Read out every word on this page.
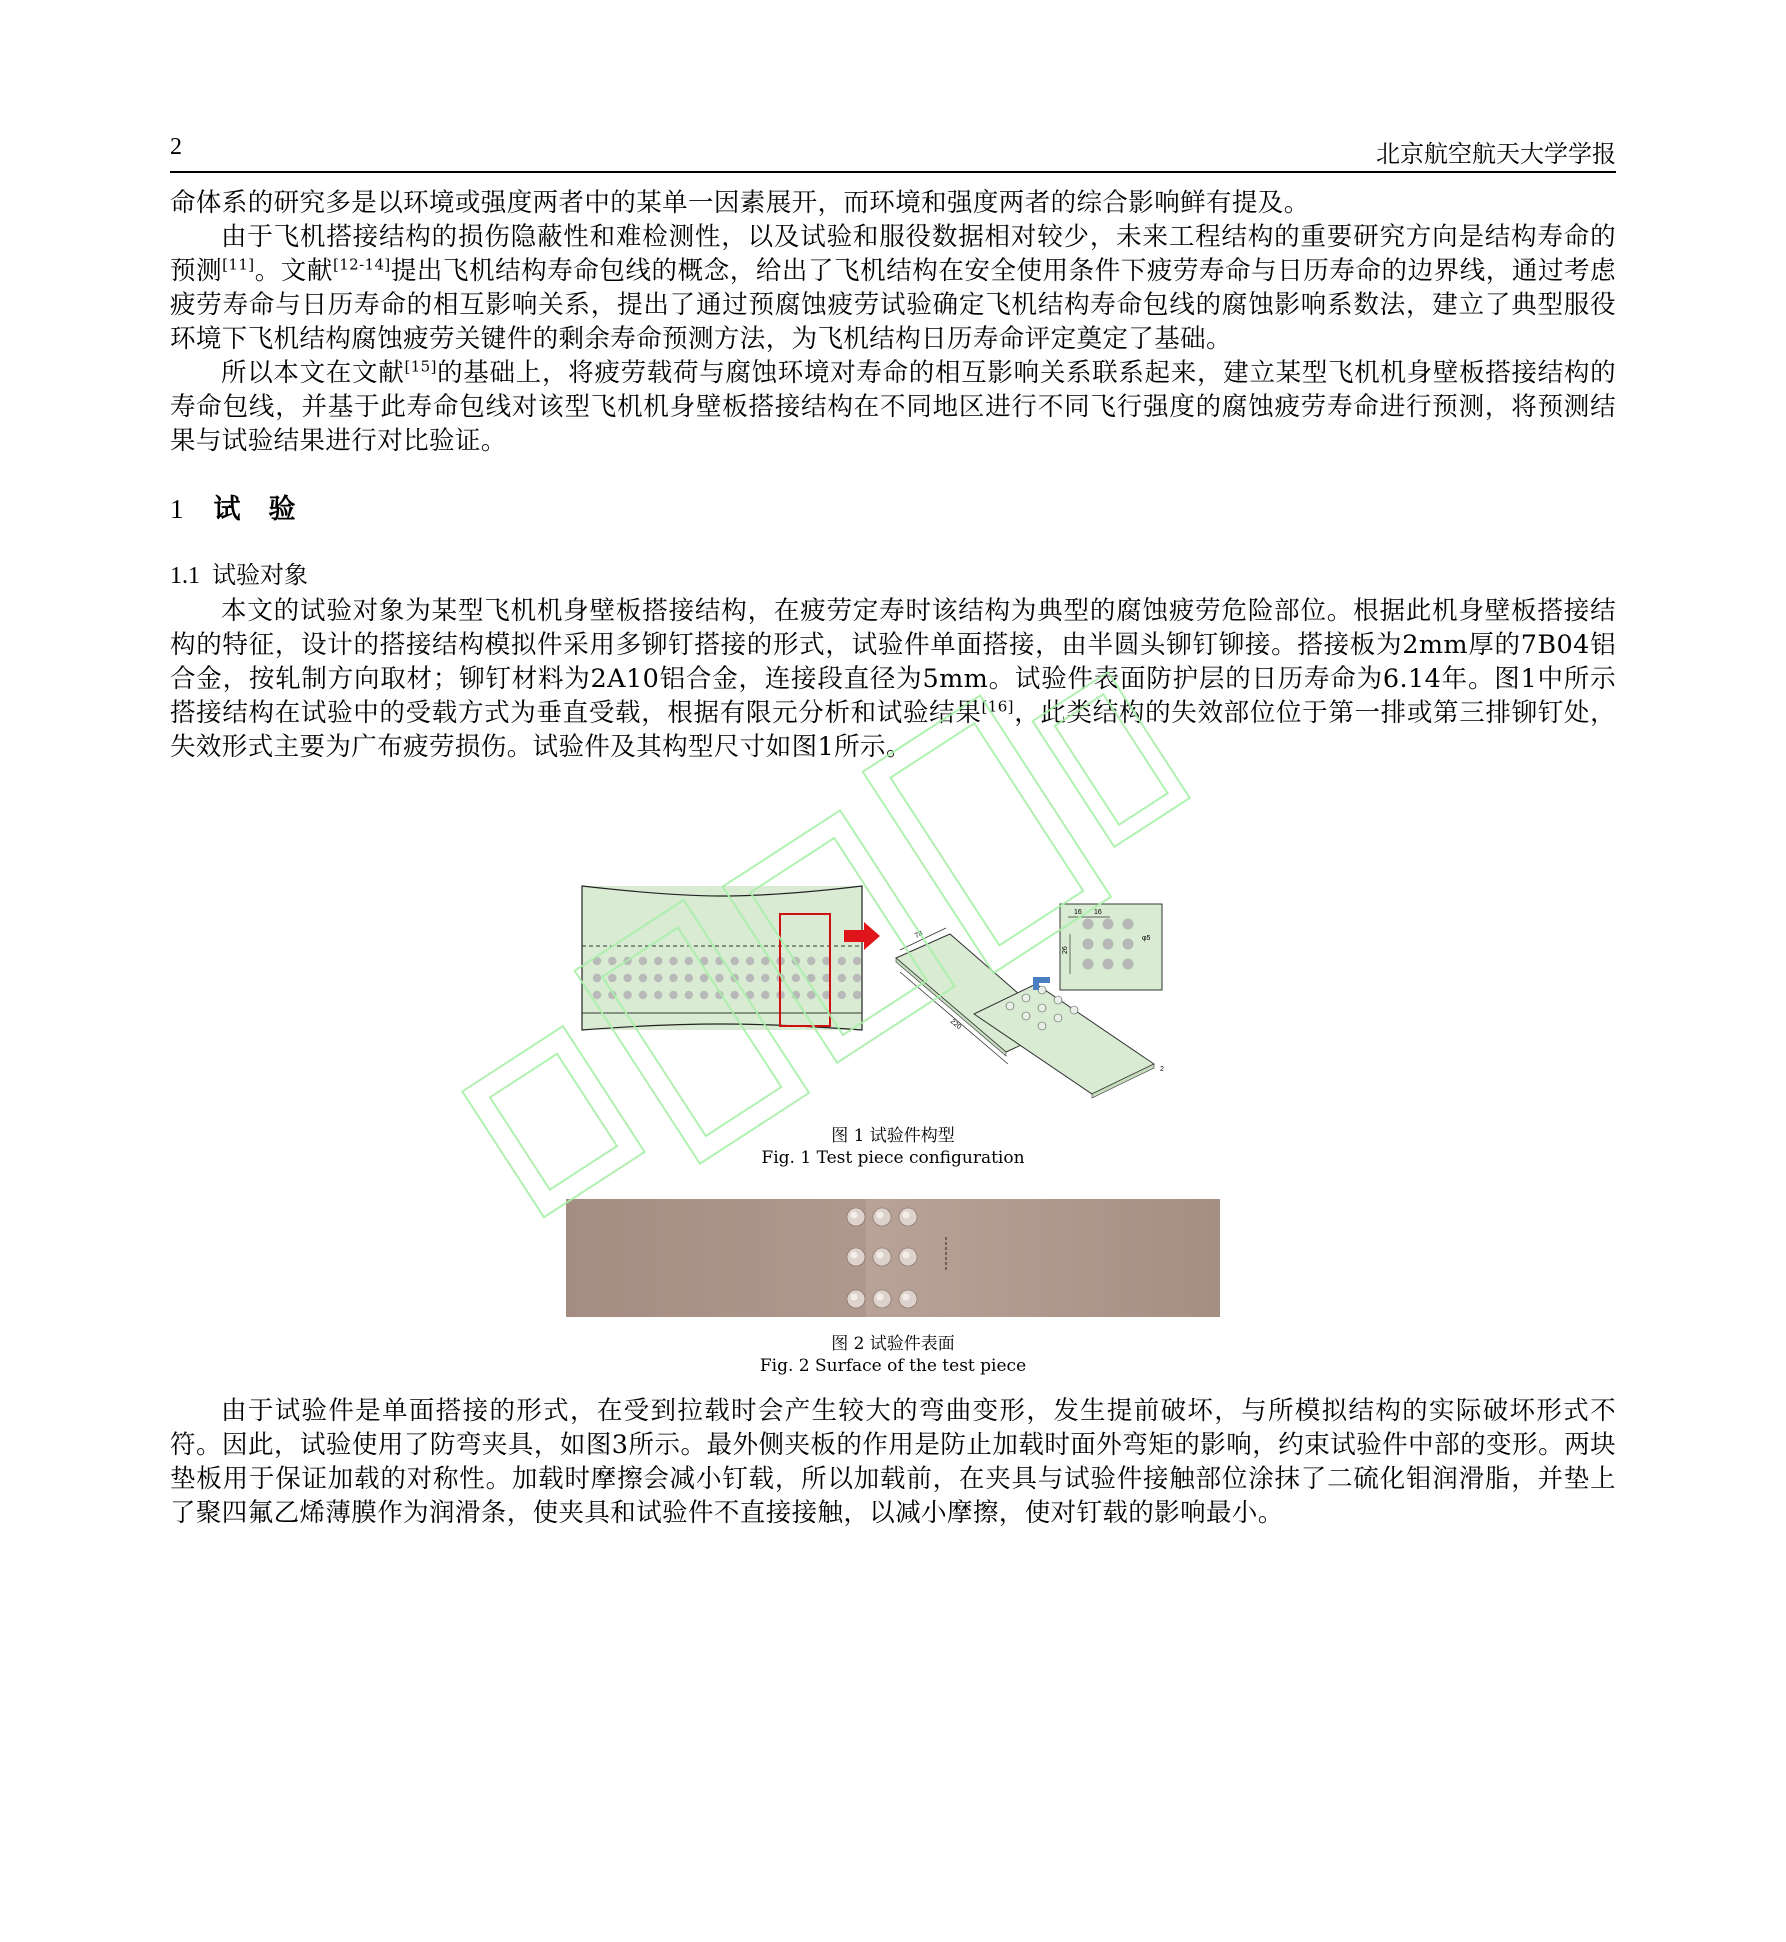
2	北京航空航天大学学报

命体系的研究多是以环境或强度两者中的某单一因素展开，而环境和强度两者的综合影响鲜有提及。

由于飞机搭接结构的损伤隐蔽性和难检测性，以及试验和服役数据相对较少，未来工程结构的重要研究方向是结构寿命的预测[11]。文献[12-14]提出飞机结构寿命包线的概念，给出了飞机结构在安全使用条件下疲劳寿命与日历寿命的边界线，通过考虑疲劳寿命与日历寿命的相互影响关系，提出了通过预腐蚀疲劳试验确定飞机结构寿命包线的腐蚀影响系数法，建立了典型服役环境下飞机结构腐蚀疲劳关键件的剩余寿命预测方法，为飞机结构日历寿命评定奠定了基础。

所以本文在文献[15]的基础上，将疲劳载荷与腐蚀环境对寿命的相互影响关系联系起来，建立某型飞机机身壁板搭接结构的寿命包线，并基于此寿命包线对该型飞机机身壁板搭接结构在不同地区进行不同飞行强度的腐蚀疲劳寿命进行预测，将预测结果与试验结果进行对比验证。

1 试验
1.1 试验对象

本文的试验对象为某型飞机机身壁板搭接结构，在疲劳定寿时该结构为典型的腐蚀疲劳危险部位。根据此机身壁板搭接结构的特征，设计的搭接结构模拟件采用多铆钉搭接的形式，试验件单面搭接，由半圆头铆钉铆接。搭接板为2mm厚的7B04铝合金，按轧制方向取材；铆钉材料为2A10铝合金，连接段直径为5mm。试验件表面防护层的日历寿命为6.14年。图1中所示搭接结构在试验中的受载方式为垂直受载，根据有限元分析和试验结果[16]，此类结构的失效部位位于第一排或第三排铆钉处，失效形式主要为广布疲劳损伤。试验件及其构型尺寸如图1所示。

78
220
2
16 16
φ5
26
图 1 试验件构型
Fig. 1 Test piece configuration
图 2 试验件表面
Fig. 2 Surface of the test piece

由于试验件是单面搭接的形式，在受到拉载时会产生较大的弯曲变形，发生提前破坏，与所模拟结构的实际破坏形式不符。因此，试验使用了防弯夹具，如图3所示。最外侧夹板的作用是防止加载时面外弯矩的影响，约束试验件中部的变形。两块垫板用于保证加载的对称性。加载时摩擦会减小钉载，所以加载前，在夹具与试验件接触部位涂抹了二硫化钼润滑脂，并垫上了聚四氟乙烯薄膜作为润滑条，使夹具和试验件不直接接触，以减小摩擦，使对钉载的影响最小。
